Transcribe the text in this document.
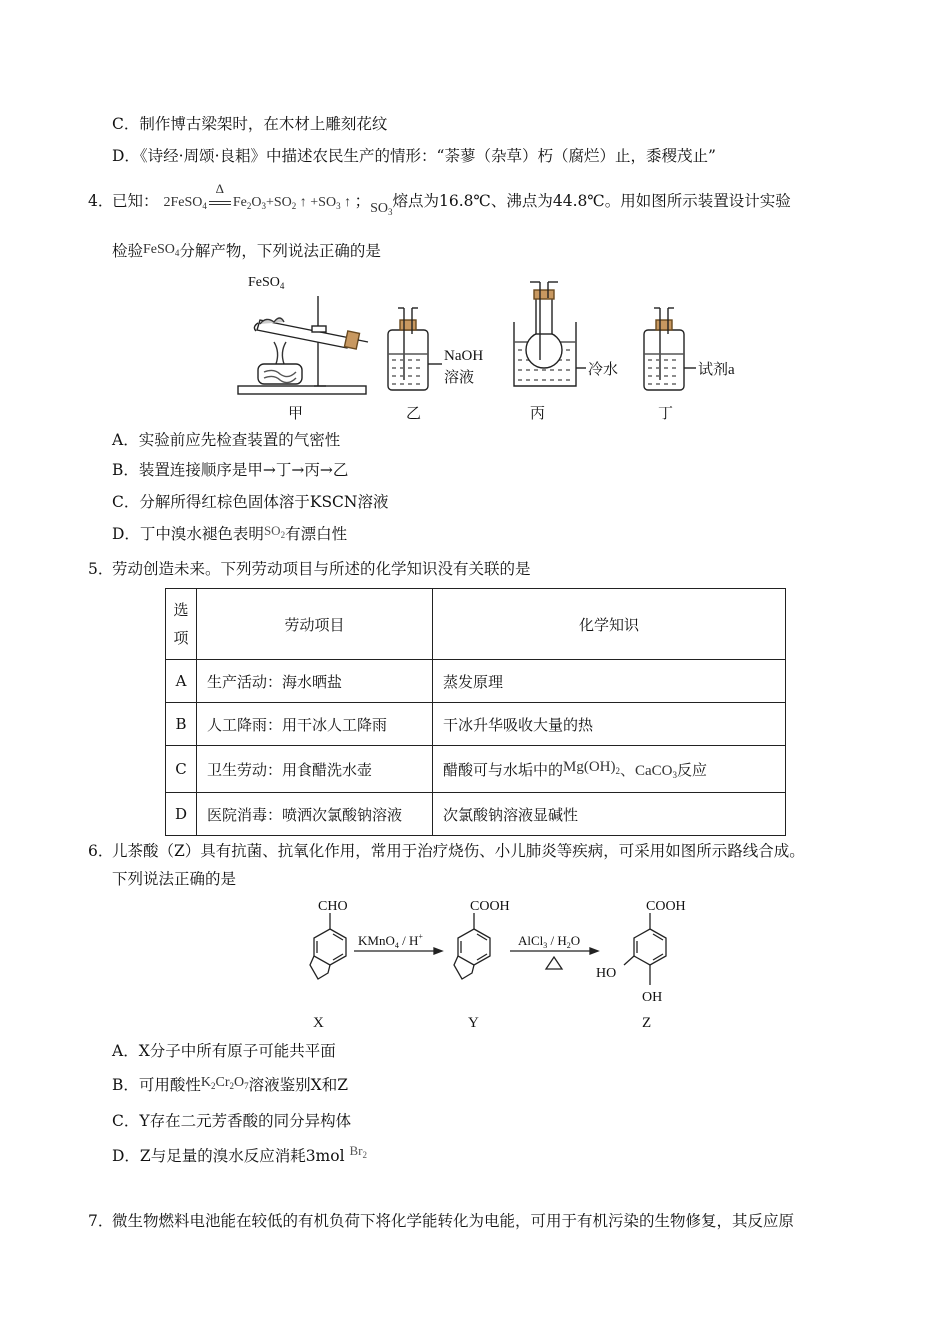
C．制作博古梁架时，在木材上雕刻花纹
D．《诗经·周颂·良耜》中描述农民生产的情形：“荼蓼（杂草）朽（腐烂）止，黍稷茂止”
4．
已知： 2FeSO$_4$
Δ
$Fe_2O_3+SO_2$ ↑ $+SO_3$ ↑ ；$SO_3$熔点为16.8℃、沸点为44.8℃。用如图所示装置设计实验
检验FeSO$_4$分解产物，下列说法正确的是
FeSO$_4$
甲
NaOH
溶液
乙
冷水
丙
试剂a
丁
A．实验前应先检查装置的气密性
B．装置连接顺序是甲→丁→丙→乙
C．分解所得红棕色固体溶于KSCN溶液
D．丁中溴水褪色表明$^{SO_2}$有漂白性
5．
劳动创造未来。下列劳动项目与所述的化学知识没有关联的是
选
项	劳动项目	化学知识
A	生产活动：海水晒盐	蒸发原理
B	人工降雨：用干冰人工降雨	干冰升华吸收大量的热
C	卫生劳动：用食醋洗水壶	醋酸可与水垢中的$Mg(OH)_2$、CaCO$_3$反应
D	医院消毒：喷洒次氯酸钠溶液	次氯酸钠溶液显碱性
6．
儿茶酸（Z）具有抗菌、抗氧化作用，常用于治疗烧伤、小儿肺炎等疾病，可采用如图所示路线合成。
下列说法正确的是
CHO	COOH	COOH
KMnO$_4$ / H+	AlCl$_3$ / $H_2O$
HO
OH
X	Y	Z
A．X分子中所有原子可能共平面
B．可用酸性$K_2Cr_2O_7$溶液鉴别X和Z
C．Y存在二元芳香酸的同分异构体
D．Z与足量的溴水反应消耗3mol $^{Br_2}$
7．
微生物燃料电池能在较低的有机负荷下将化学能转化为电能，可用于有机污染的生物修复，其反应原
